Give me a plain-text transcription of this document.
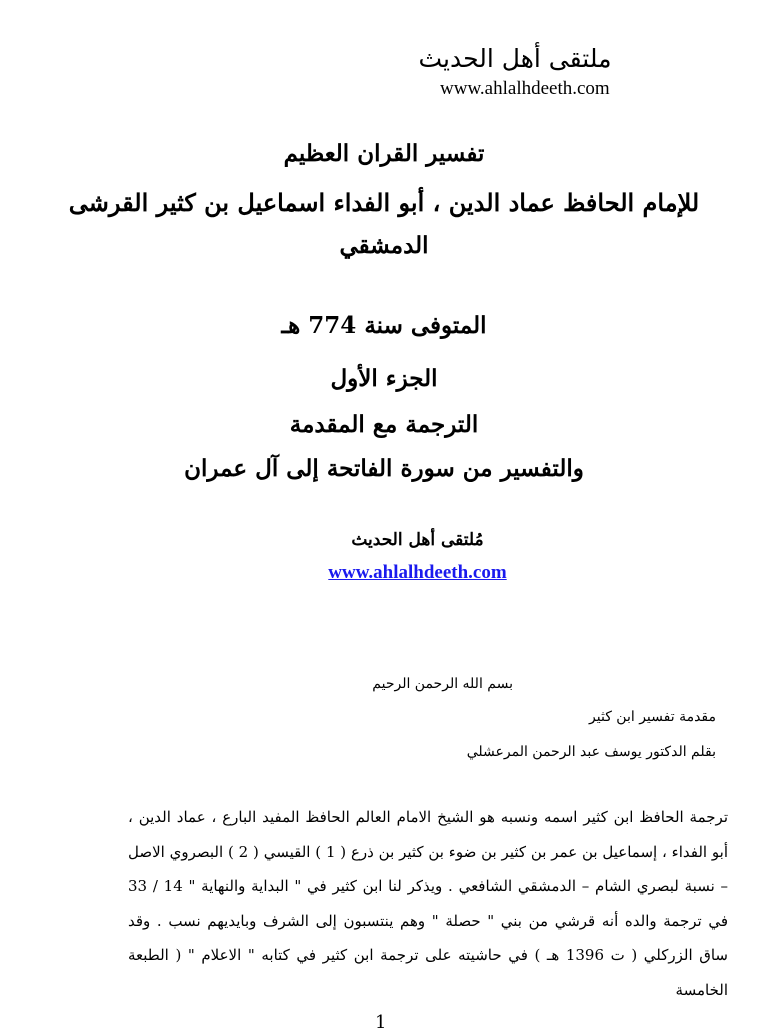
ملتقى أهل الحديث
www.ahlalhdeeth.com
تفسير القران العظيم
للإمام الحافظ عماد الدين ، أبو الفداء اسماعيل بن كثير القرشى
الدمشقي
المتوفى سنة 774 هـ
الجزء الأول
الترجمة مع المقدمة
والتفسير من سورة الفاتحة إلى آل عمران
مُلتقى أهل الحديث
www.ahlalhdeeth.com
بسم الله الرحمن الرحيم
مقدمة تفسير ابن كثير
بقلم الدكتور يوسف عبد الرحمن المرعشلي
ترجمة الحافظ ابن كثير اسمه ونسبه هو الشيخ الامام العالم الحافظ المفيد البارع ، عماد الدين ، أبو الفداء ، إسماعيل بن عمر بن كثير بن ضوء بن كثير بن ذرع ( 1 ) القيسي ( 2 ) البصروي الاصل – نسبة لبصري الشام – الدمشقي الشافعي . ويذكر لنا ابن كثير في " البداية والنهاية " 14 / 33 في ترجمة والده أنه قرشي من بني " حصلة " وهم ينتسبون إلى الشرف وبايديهم نسب . وقد ساق الزركلي ( ت 1396 هـ ) في حاشيته على ترجمة ابن كثير في كتابه " الاعلام " ( الطبعة الخامسة
1
